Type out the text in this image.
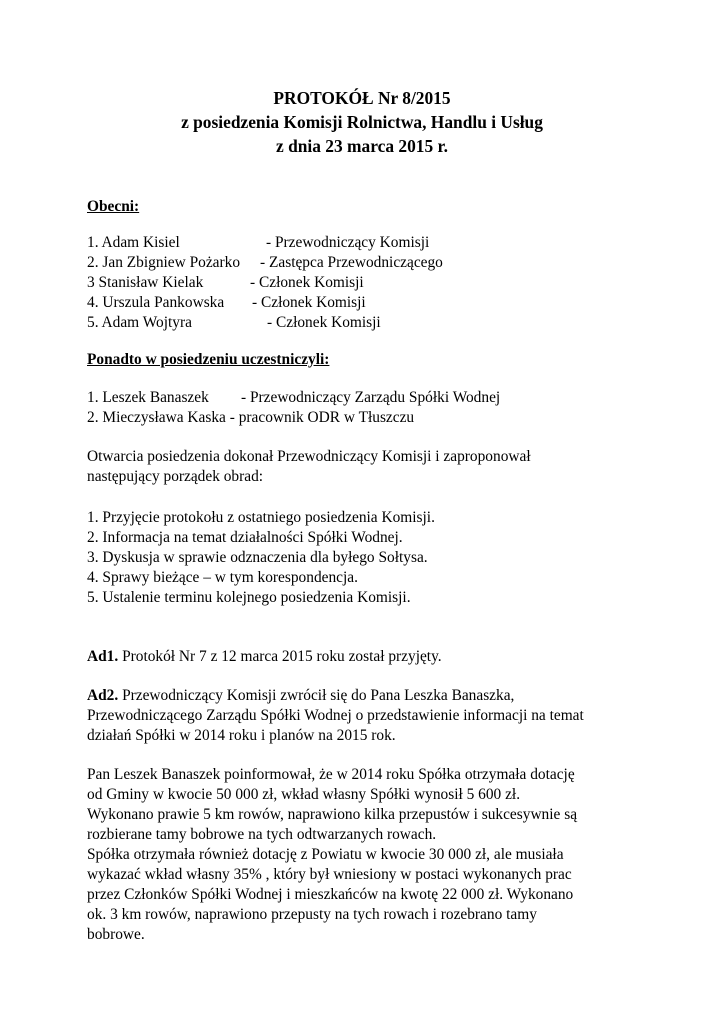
PROTOKÓŁ Nr 8/2015
z posiedzenia Komisji Rolnictwa, Handlu i Usług
z dnia 23 marca 2015 r.
Obecni:
1. Adam Kisiel	- Przewodniczący Komisji
2. Jan Zbigniew Pożarko - Zastępca Przewodniczącego
3 Stanisław Kielak	- Członek Komisji
4. Urszula Pankowska - Członek Komisji
5. Adam Wojtyra	- Członek Komisji
Ponadto w posiedzeniu uczestniczyli:
1. Leszek Banaszek - Przewodniczący Zarządu Spółki Wodnej
2. Mieczysława Kaska - pracownik ODR w Tłuszczu
Otwarcia posiedzenia dokonał Przewodniczący Komisji i zaproponował
następujący porządek obrad:
1. Przyjęcie protokołu z ostatniego posiedzenia Komisji.
2. Informacja na temat działalności Spółki Wodnej.
3. Dyskusja w sprawie odznaczenia dla byłego Sołtysa.
4. Sprawy bieżące – w tym korespondencja.
5. Ustalenie terminu kolejnego posiedzenia Komisji.
Ad1. Protokół Nr 7 z 12 marca 2015 roku został przyjęty.
Ad2. Przewodniczący Komisji zwrócił się do Pana Leszka Banaszka,
Przewodniczącego Zarządu Spółki Wodnej o przedstawienie informacji na temat
działań Spółki w 2014 roku i planów na 2015 rok.
Pan Leszek Banaszek poinformował, że w 2014 roku Spółka otrzymała dotację
od Gminy w kwocie 50 000 zł, wkład własny Spółki wynosił 5 600 zł.
Wykonano prawie 5 km rowów, naprawiono kilka przepustów i sukcesywnie są
rozbierane tamy bobrowe na tych odtwarzanych rowach.
Spółka otrzymała również dotację z Powiatu w kwocie 30 000 zł, ale musiała
wykazać wkład własny 35% , który był wniesiony w postaci wykonanych prac
przez Członków Spółki Wodnej i mieszkańców na kwotę 22 000 zł. Wykonano
ok. 3 km rowów, naprawiono przepusty na tych rowach i rozebrano tamy
bobrowe.
